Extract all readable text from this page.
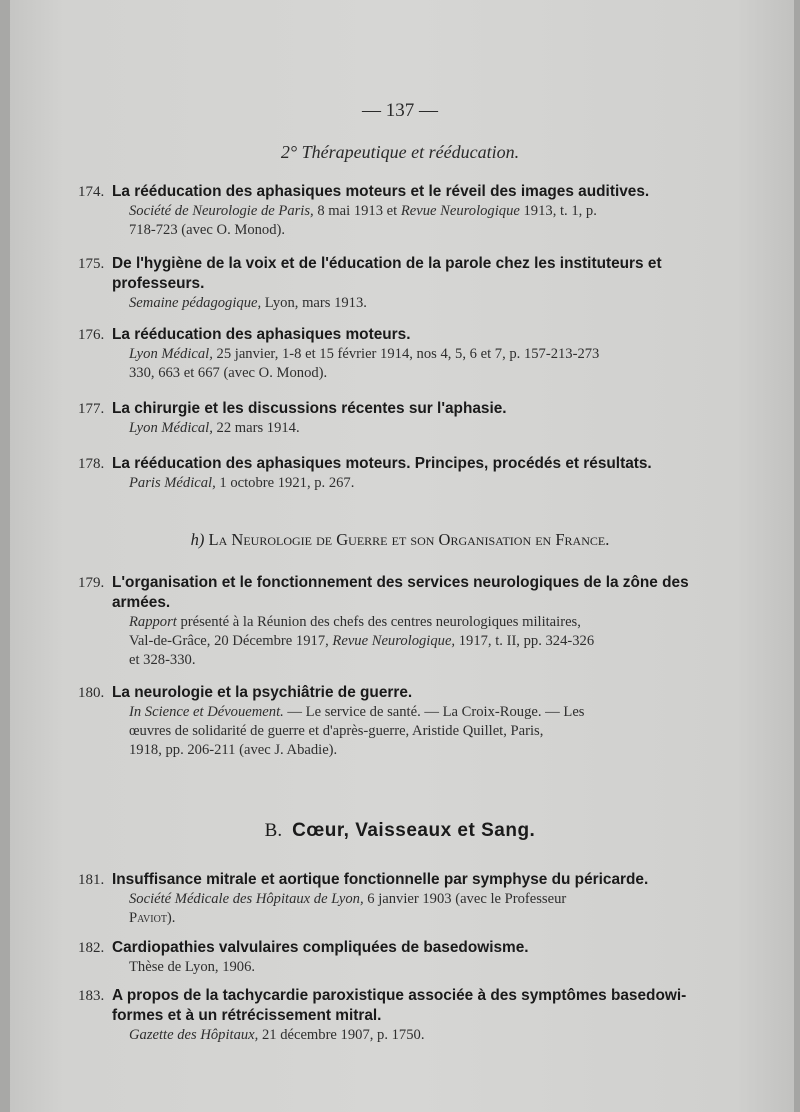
— 137 —
2° Thérapeutique et rééducation.
174. La rééducation des aphasiques moteurs et le réveil des images auditives.
Société de Neurologie de Paris, 8 mai 1913 et Revue Neurologique 1913, t. 1, p.
718-723 (avec O. Monod).
175. De l'hygiène de la voix et de l'éducation de la parole chez les instituteurs et
professeurs.
Semaine pédagogique, Lyon, mars 1913.
176. La rééducation des aphasiques moteurs.
Lyon Médical, 25 janvier, 1-8 et 15 février 1914, nos 4, 5, 6 et 7, p. 157-213-273
330, 663 et 667 (avec O. Monod).
177. La chirurgie et les discussions récentes sur l'aphasie.
Lyon Médical, 22 mars 1914.
178. La rééducation des aphasiques moteurs. Principes, procédés et résultats.
Paris Médical, 1 octobre 1921, p. 267.
h) La Neurologie de Guerre et son Organisation en France.
179. L'organisation et le fonctionnement des services neurologiques de la zône des
armées.
Rapport présenté à la Réunion des chefs des centres neurologiques militaires,
Val-de-Grâce, 20 Décembre 1917, Revue Neurologique, 1917, t. II, pp. 324-326
et 328-330.
180. La neurologie et la psychiâtrie de guerre.
In Science et Dévouement. — Le service de santé. — La Croix-Rouge. — Les
œuvres de solidarité de guerre et d'après-guerre, Aristide Quillet, Paris,
1918, pp. 206-211 (avec J. Abadie).
B. Cœur, Vaisseaux et Sang.
181. Insuffisance mitrale et aortique fonctionnelle par symphyse du péricarde.
Société Médicale des Hôpitaux de Lyon, 6 janvier 1903 (avec le Professeur
Paviot).
182. Cardiopathies valvulaires compliquées de basedowisme.
Thèse de Lyon, 1906.
183. A propos de la tachycardie paroxistique associée à des symptômes basedowi-
formes et à un rétrécissement mitral.
Gazette des Hôpitaux, 21 décembre 1907, p. 1750.
